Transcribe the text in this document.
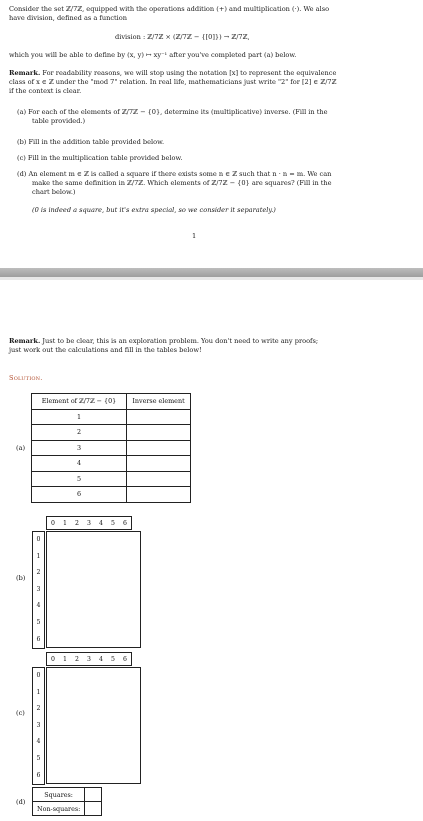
Consider the set ℤ/7ℤ, equipped with the operations addition (+) and multiplication (·). We also
have division, defined as a function
division : ℤ/7ℤ × (ℤ/7ℤ − {[0]}) → ℤ/7ℤ,
which you will be able to define by (x, y) ↦ xy⁻¹ after you've completed part (a) below.
Remark. For readability reasons, we will stop using the notation [x] to represent the equivalence
class of x ∈ ℤ under the "mod 7" relation. In real life, mathematicians just write "2" for [2] ∈ ℤ/7ℤ
if the context is clear.
(a) For each of the elements of ℤ/7ℤ − {0}, determine its (multiplicative) inverse. (Fill in the
table provided.)
(b) Fill in the addition table provided below.
(c) Fill in the multiplication table provided below.
(d) An element m ∈ ℤ is called a square if there exists some n ∈ ℤ such that n · n = m. We can
make the same definition in ℤ/7ℤ. Which elements of ℤ/7ℤ − {0} are squares? (Fill in the
chart below.)
(0 is indeed a square, but it's extra special, so we consider it separately.)
1
Remark. Just to be clear, this is an exploration problem. You don't need to write any proofs;
just work out the calculations and fill in the tables below!
Solution.
(a)
Element of ℤ/7ℤ − {0}	Inverse element
1	
2	
3	
4	
5	
6	
(b)
0	1	2	3	4	5	6
0
1
2
3
4
5
6
(c)
0	1	2	3	4	5	6
0
1
2
3
4
5
6
(d)
Squares:	
Non-squares:	
